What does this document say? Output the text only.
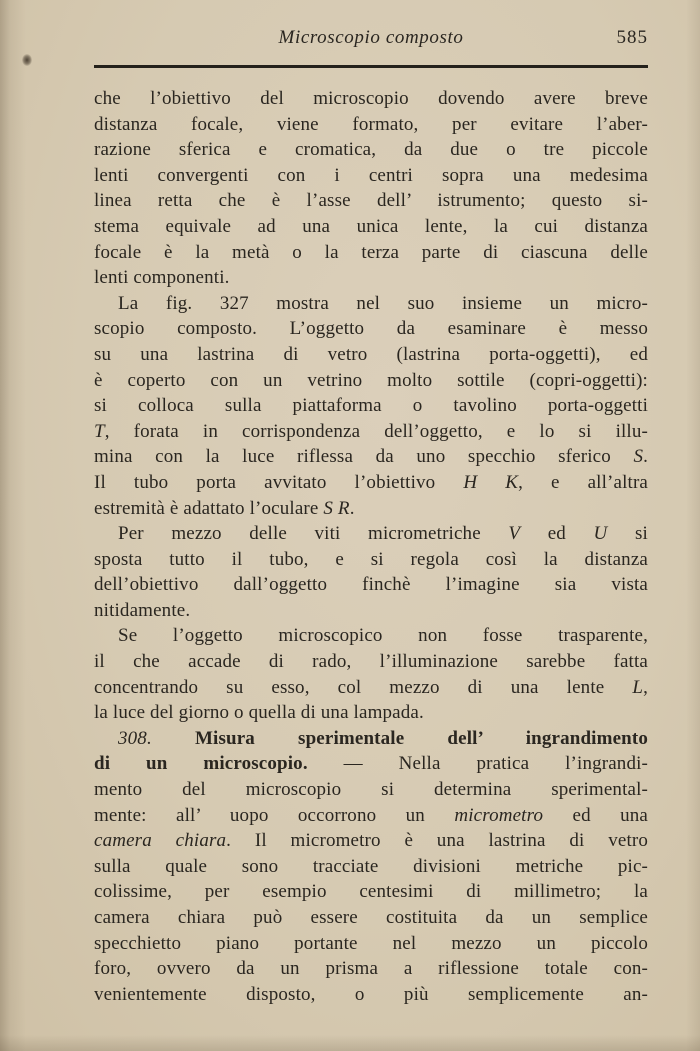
Microscopio composto	585
che l’obiettivo del microscopio dovendo avere breve
distanza focale, viene formato, per evitare l’aber-
razione sferica e cromatica, da due o tre piccole
lenti convergenti con i centri sopra una medesima
linea retta che è l’asse dell’ istrumento; questo si-
stema equivale ad una unica lente, la cui distanza
focale è la metà o la terza parte di ciascuna delle
lenti componenti.
La fig. 327 mostra nel suo insieme un micro-
scopio composto. L’oggetto da esaminare è messo
su una lastrina di vetro (lastrina porta-oggetti), ed
è coperto con un vetrino molto sottile (copri-oggetti):
si colloca sulla piattaforma o tavolino porta-oggetti
T, forata in corrispondenza dell’oggetto, e lo si illu-
mina con la luce riflessa da uno specchio sferico S.
Il tubo porta avvitato l’obiettivo H K, e all’altra
estremità è adattato l’oculare S R.
Per mezzo delle viti micrometriche V ed U si
sposta tutto il tubo, e si regola così la distanza
dell’obiettivo dall’oggetto finchè l’imagine sia vista
nitidamente.
Se l’oggetto microscopico non fosse trasparente,
il che accade di rado, l’illuminazione sarebbe fatta
concentrando su esso, col mezzo di una lente L,
la luce del giorno o quella di una lampada.
308. Misura sperimentale dell’ ingrandimento
di un microscopio. — Nella pratica l’ingrandi-
mento del microscopio si determina sperimental-
mente: all’ uopo occorrono un micrometro ed una
camera chiara. Il micrometro è una lastrina di vetro
sulla quale sono tracciate divisioni metriche pic-
colissime, per esempio centesimi di millimetro; la
camera chiara può essere costituita da un semplice
specchietto piano portante nel mezzo un piccolo
foro, ovvero da un prisma a riflessione totale con-
venientemente disposto, o più semplicemente an-
